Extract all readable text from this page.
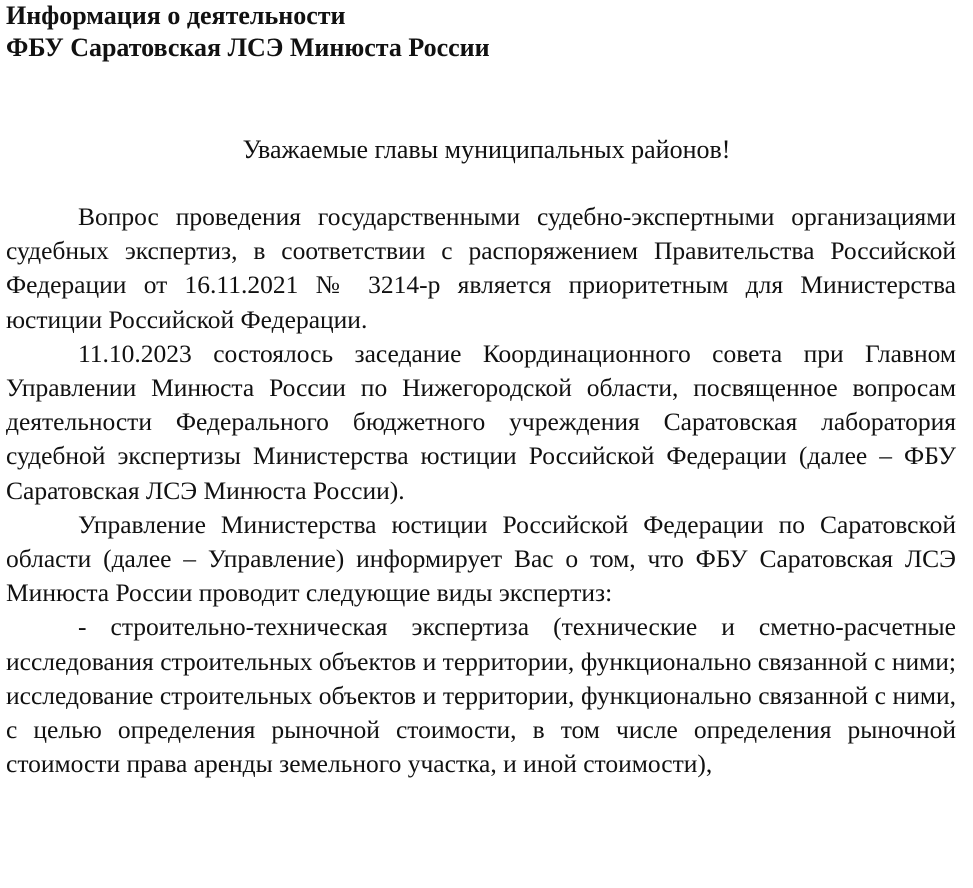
Информация о деятельности
ФБУ Саратовская ЛСЭ Минюста России
Уважаемые главы муниципальных районов!

Вопрос проведения государственными судебно-экспертными организациями судебных экспертиз, в соответствии с распоряжением Правительства Российской Федерации от 16.11.2021 № 3214-р является приоритетным для Министерства юстиции Российской Федерации.

11.10.2023 состоялось заседание Координационного совета при Главном Управлении Минюста России по Нижегородской области, посвященное вопросам деятельности Федерального бюджетного учреждения Саратовская лаборатория судебной экспертизы Министерства юстиции Российской Федерации (далее – ФБУ Саратовская ЛСЭ Минюста России).

Управление Министерства юстиции Российской Федерации по Саратовской области (далее – Управление) информирует Вас о том, что ФБУ Саратовская ЛСЭ Минюста России проводит следующие виды экспертиз:

- строительно-техническая экспертиза (технические и сметно-расчетные исследования строительных объектов и территории, функционально связанной с ними; исследование строительных объектов и территории, функционально связанной с ними, с целью определения рыночной стоимости, в том числе определения рыночной стоимости права аренды земельного участка, и иной стоимости),
